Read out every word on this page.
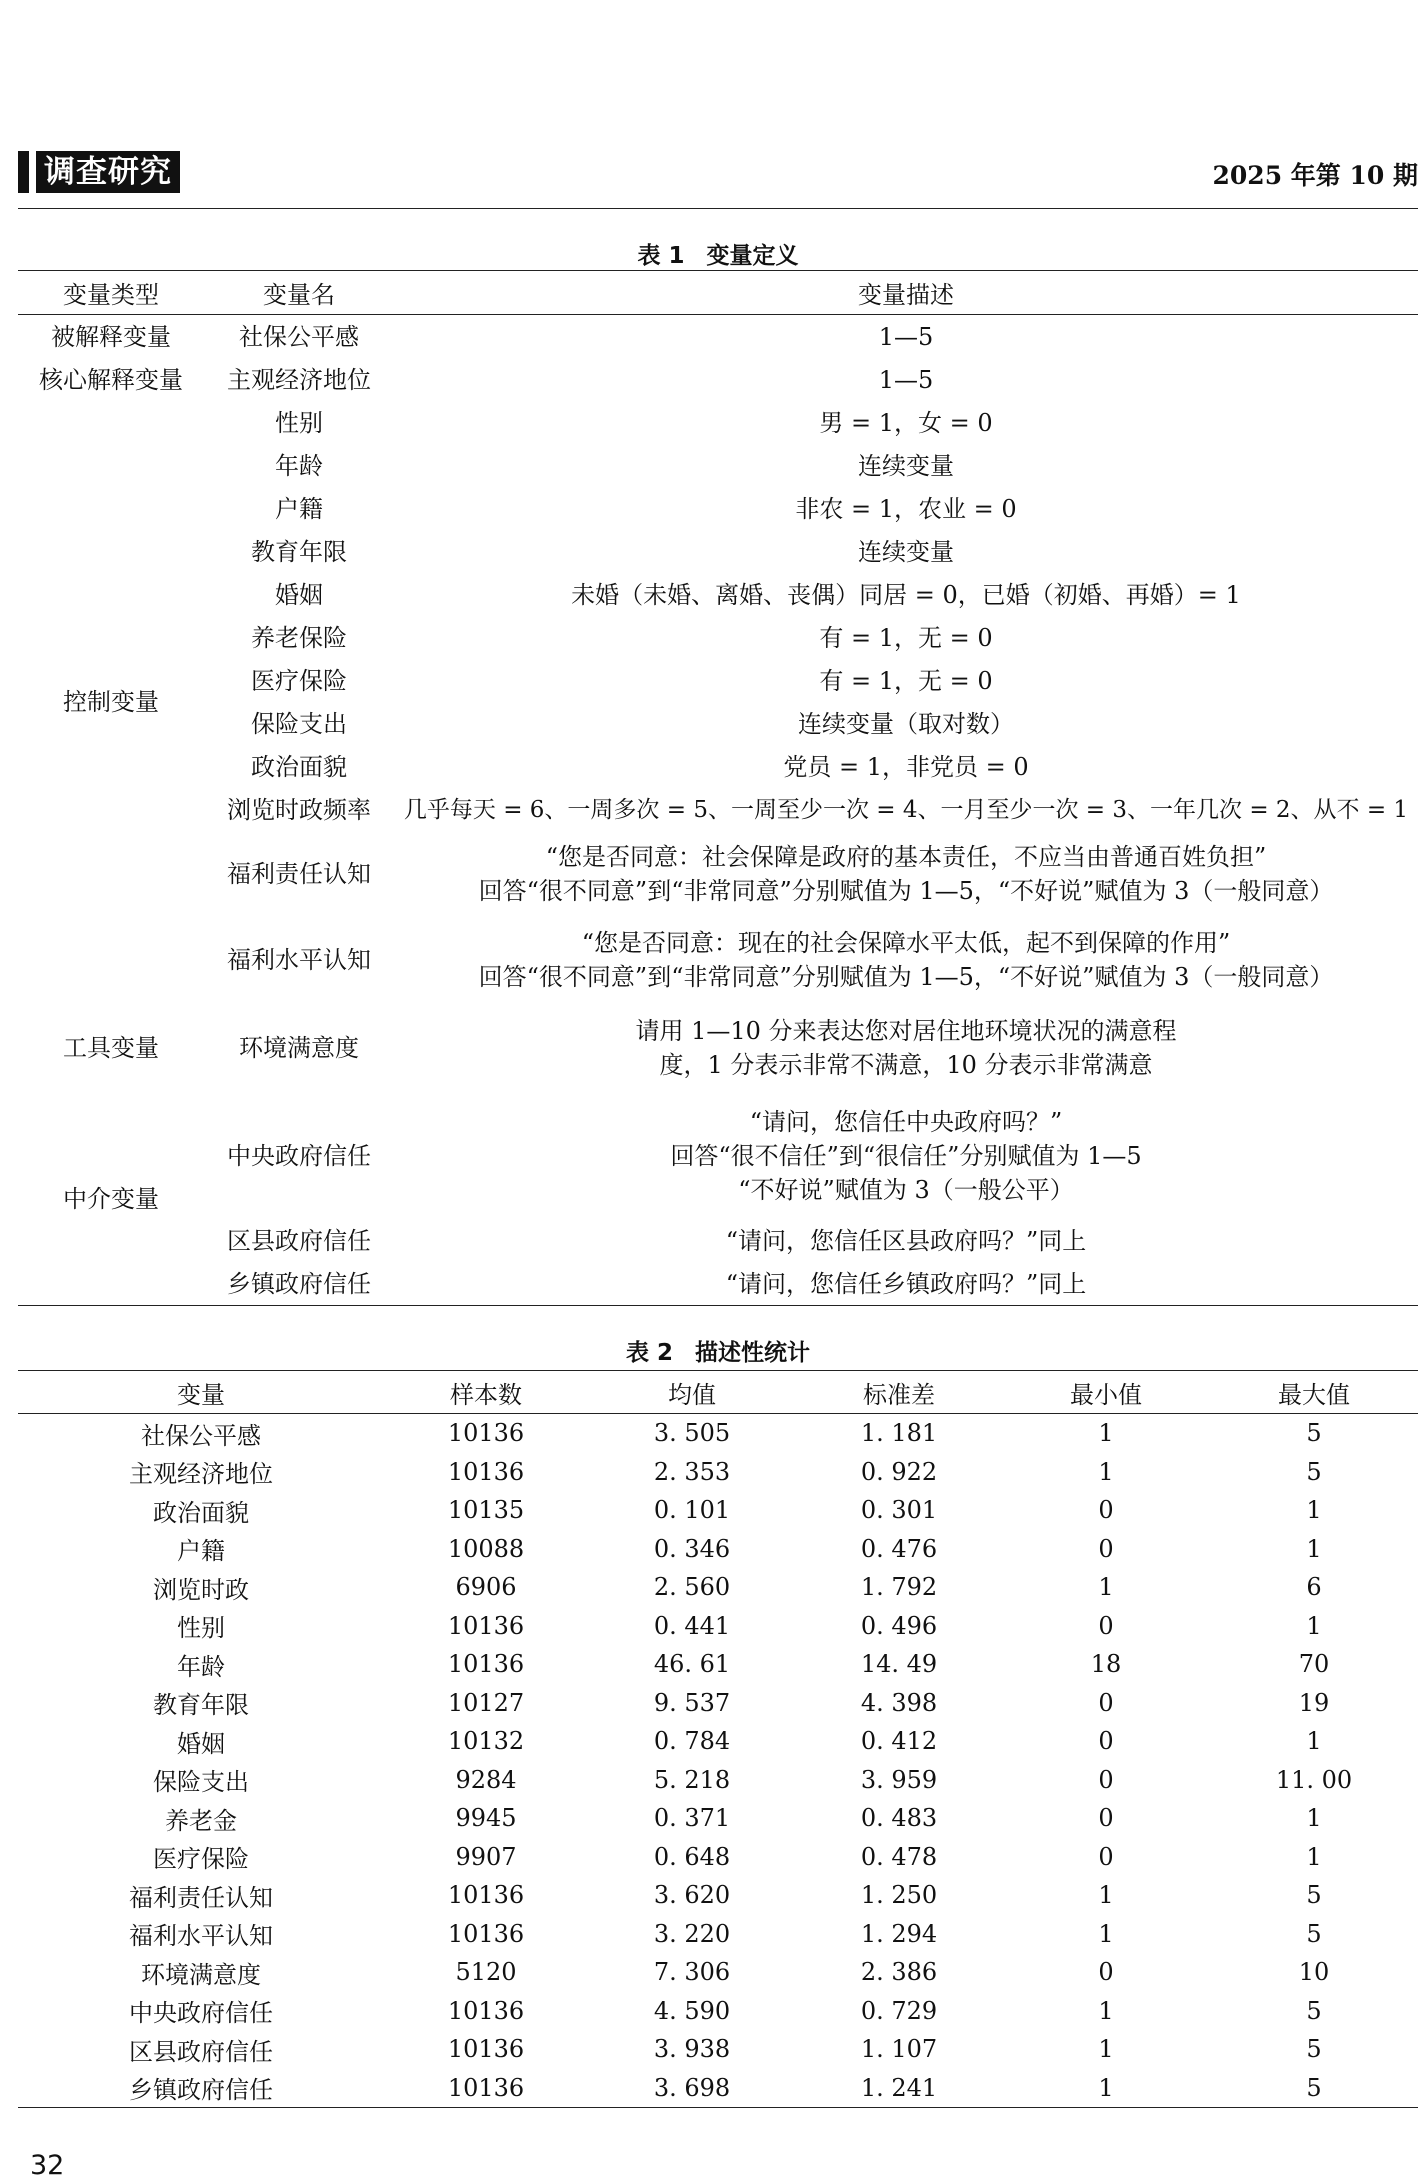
调查研究	2025 年第 10 期
表 1 变量定义
变量类型	变量名	变量描述
被解释变量	社保公平感	1—5
核心解释变量	主观经济地位	1—5
控制变量	性别	男 = 1，女 = 0
	年龄	连续变量
	户籍	非农 = 1，农业 = 0
	教育年限	连续变量
	婚姻	未婚（未婚、离婚、丧偶）同居 = 0，已婚（初婚、再婚）= 1
	养老保险	有 = 1，无 = 0
	医疗保险	有 = 1，无 = 0
	保险支出	连续变量（取对数）
	政治面貌	党员 = 1，非党员 = 0
	浏览时政频率	几乎每天 = 6、一周多次 = 5、一周至少一次 = 4、一月至少一次 = 3、一年几次 = 2、从不 = 1
	福利责任认知	“您是否同意：社会保障是政府的基本责任，不应当由普通百姓负担”
回答“很不同意”到“非常同意”分别赋值为 1—5，“不好说”赋值为 3（一般同意）

	福利水平认知	“您是否同意：现在的社会保障水平太低，起不到保障的作用”
回答“很不同意”到“非常同意”分别赋值为 1—5，“不好说”赋值为 3（一般同意）

工具变量	环境满意度	请用 1—10 分来表达您对居住地环境状况的满意程
度，1 分表示非常不满意，10 分表示非常满意

中介变量	中央政府信任	“请问，您信任中央政府吗？”
回答“很不信任”到“很信任”分别赋值为 1—5
“不好说”赋值为 3（一般公平）

	区县政府信任	“请问，您信任区县政府吗？”同上
	乡镇政府信任	“请问，您信任乡镇政府吗？”同上
表 2 描述性统计
变量	样本数	均值	标准差	最小值	最大值
社保公平感	10136	3. 505	1. 181	1	5
主观经济地位	10136	2. 353	0. 922	1	5
政治面貌	10135	0. 101	0. 301	0	1
户籍	10088	0. 346	0. 476	0	1
浏览时政	6906	2. 560	1. 792	1	6
性别	10136	0. 441	0. 496	0	1
年龄	10136	46. 61	14. 49	18	70
教育年限	10127	9. 537	4. 398	0	19
婚姻	10132	0. 784	0. 412	0	1
保险支出	9284	5. 218	3. 959	0	11. 00
养老金	9945	0. 371	0. 483	0	1
医疗保险	9907	0. 648	0. 478	0	1
福利责任认知	10136	3. 620	1. 250	1	5
福利水平认知	10136	3. 220	1. 294	1	5
环境满意度	5120	7. 306	2. 386	0	10
中央政府信任	10136	4. 590	0. 729	1	5
区县政府信任	10136	3. 938	1. 107	1	5
乡镇政府信任	10136	3. 698	1. 241	1	5
32
